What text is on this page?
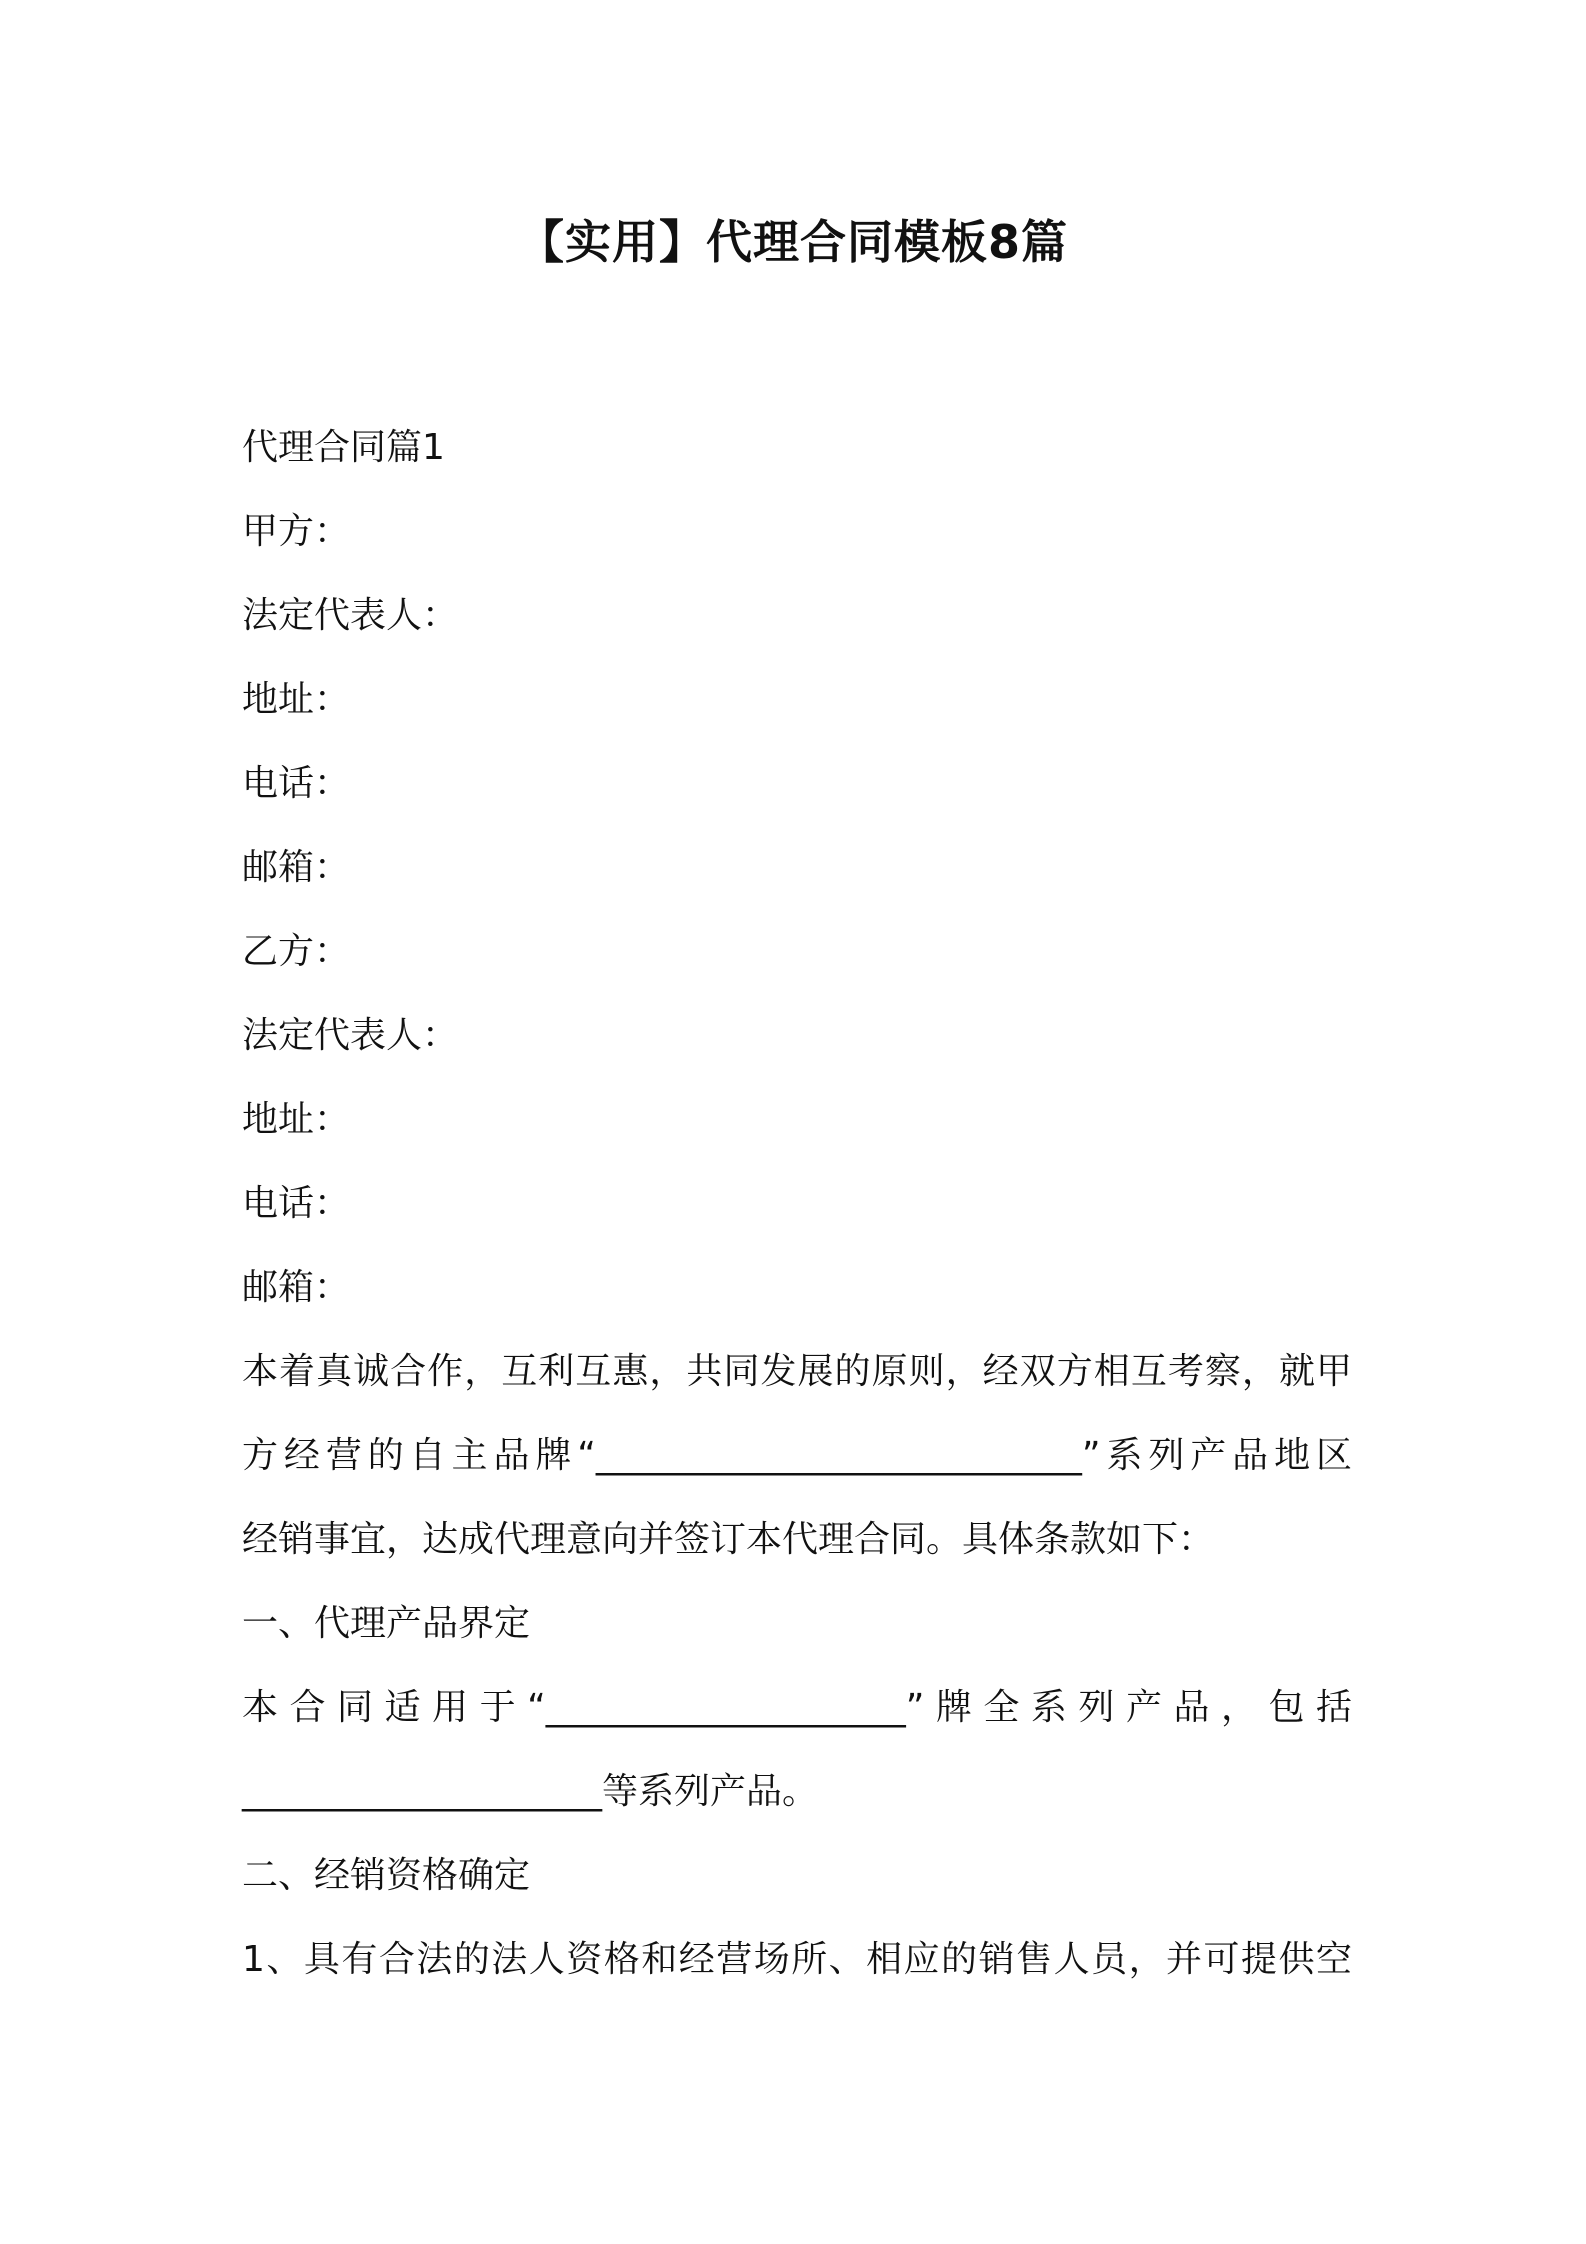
【实用】代理合同模板8篇

代理合同篇1

甲方：

法定代表人：

地址：

电话：

邮箱：

乙方：

法定代表人：

地址：

电话：

邮箱：

本着真诚合作，互利互惠，共同发展的原则，经双方相互考察，就甲

方经营的自主品牌“___________________________”系列产品地区

经销事宜，达成代理意向并签订本代理合同。具体条款如下：

一、代理产品界定

本合同适用于“____________________”牌全系列产品，包括

____________________等系列产品。

二、经销资格确定

1、具有合法的法人资格和经营场所、相应的销售人员，并可提供空
